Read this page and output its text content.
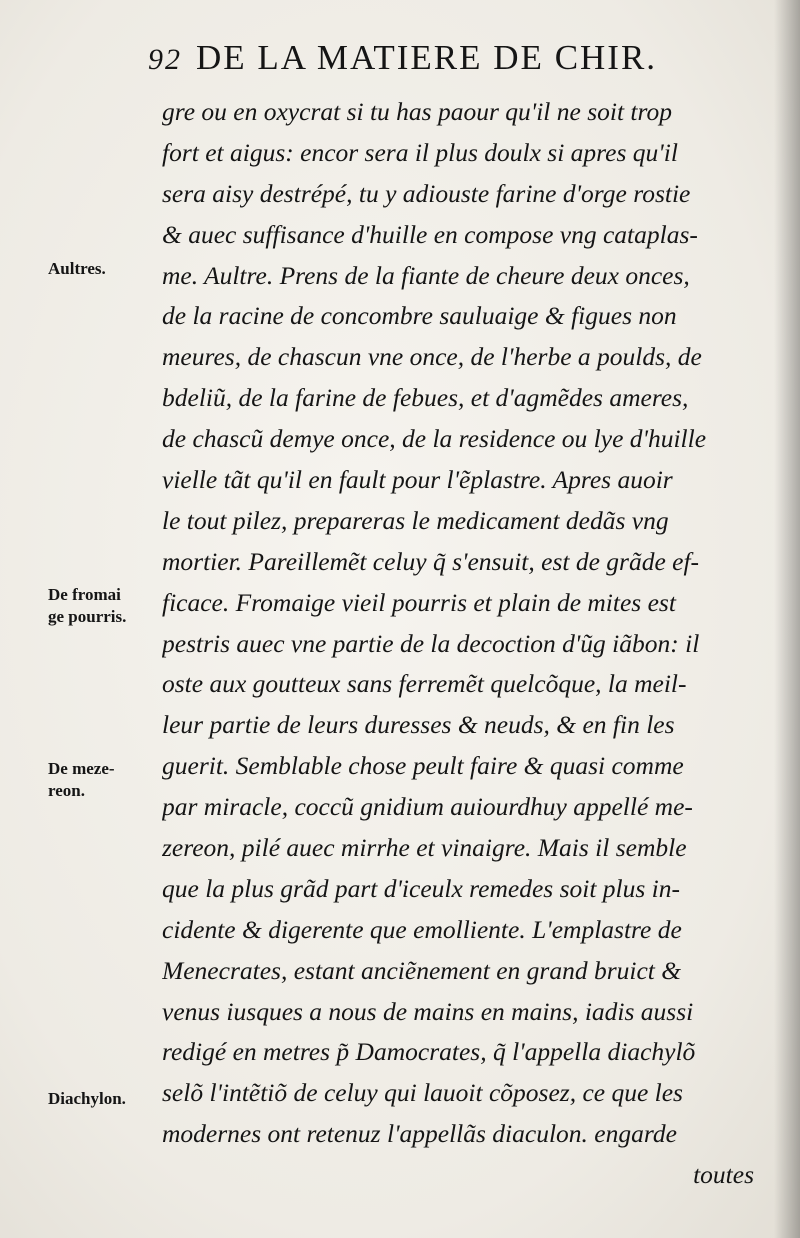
92 DE LA MATIERE DE CHIR.
gre ou en oxycrat si tu has paour qu'il ne soit trop
fort et aigus: encor sera il plus doulx si apres qu'il
sera aisy destrépé, tu y adiouste farine d'orge rostie
& auec suffisance d'huille en compose vng cataplas-
me. Aultre. Prens de la fiante de cheure deux onces,
de la racine de concombre sauluaige & figues non
meures, de chascun vne once, de l'herbe a poulds, de
bdeliũ, de la farine de febues, et d'agmẽdes ameres,
de chascũ demye once, de la residence ou lye d'huille
vielle tãt qu'il en fault pour l'ẽplastre. Apres auoir
le tout pilez, prepareras le medicament dedãs vng
mortier. Pareillemẽt celuy q̃ s'ensuit, est de grãde ef-
ficace. Fromaige vieil pourris et plain de mites est
pestris auec vne partie de la decoction d'ũg iãbon: il
oste aux goutteux sans ferremẽt quelcõque, la meil-
leur partie de leurs duresses & neuds, & en fin les
guerit. Semblable chose peult faire & quasi comme
par miracle, coccũ gnidium auiourdhuy appellé me-
zereon, pilé auec mirrhe et vinaigre. Mais il semble
que la plus grãd part d'iceulx remedes soit plus in-
cidente & digerente que emolliente. L'emplastre de
Menecrates, estant anciẽnement en grand bruict &
venus iusques a nous de mains en mains, iadis aussi
redigé en metres p̃ Damocrates, q̃ l'appella diachylõ
selõ l'intẽtiõ de celuy qui lauoit cõposez, ce que les
modernes ont retenuz l'appellãs diaculon. engarde
toutes
Aultres.
De fromai
ge pourris.
De meze-
reon.
Diachylon.
